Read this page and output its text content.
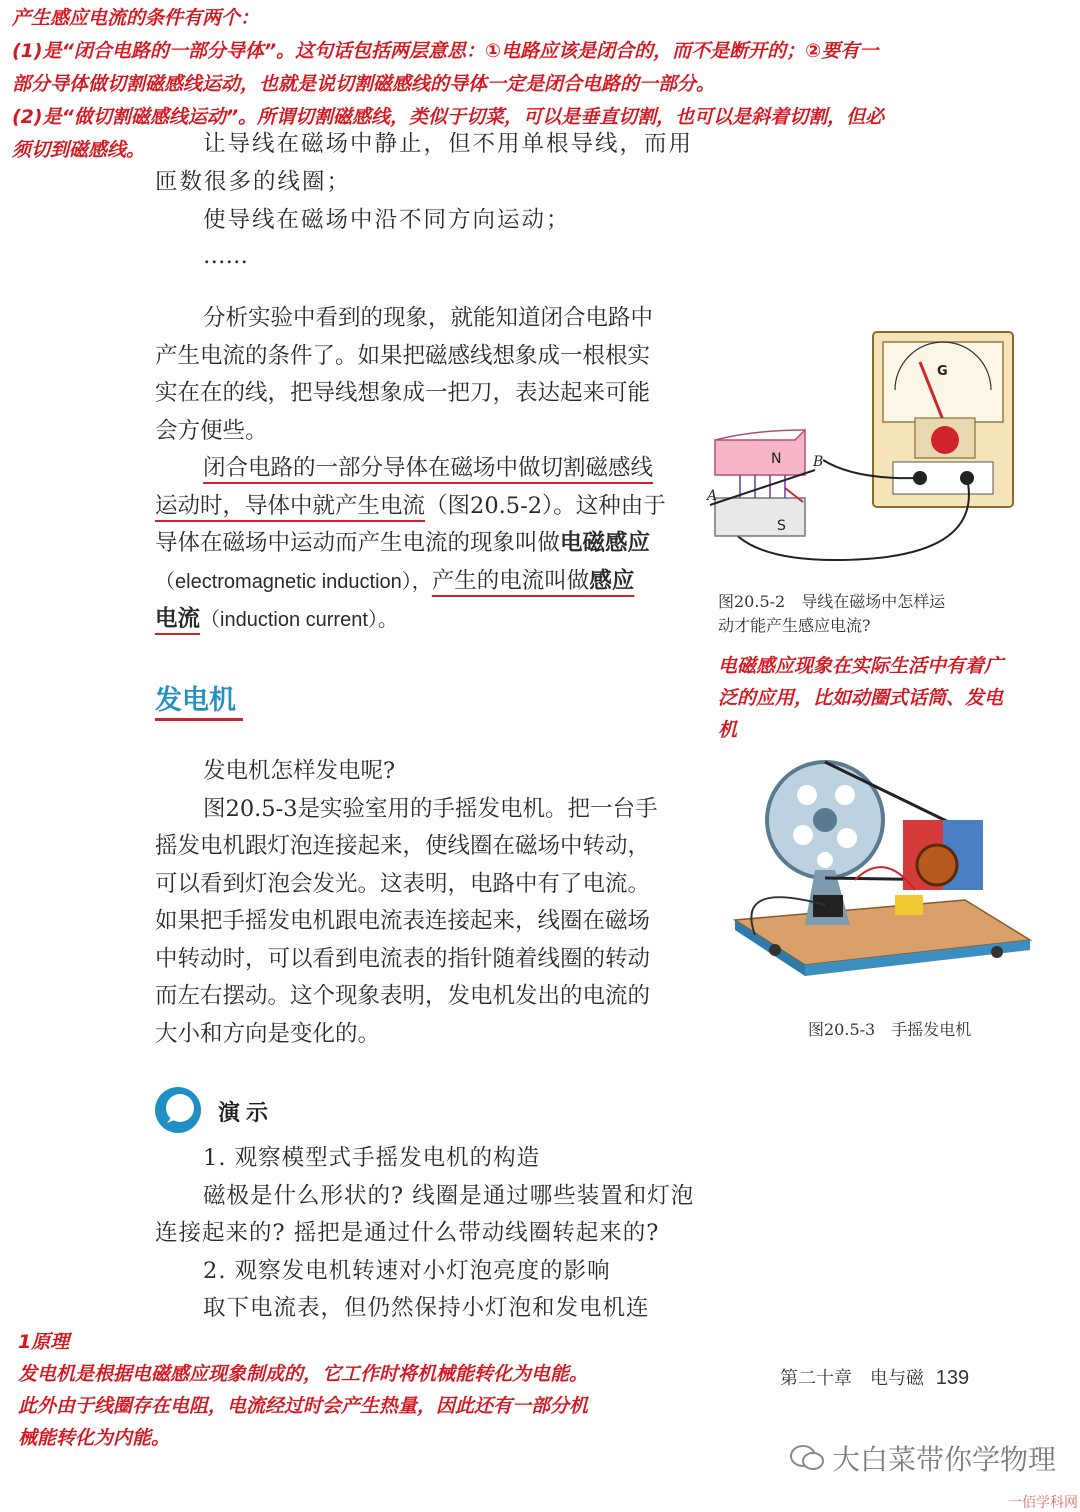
产生感应电流的条件有两个：
(1)是“闭合电路的一部分导体”。这句话包括两层意思：①电路应该是闭合的，而不是断开的；②要有一
部分导体做切割磁感线运动，也就是说切割磁感线的导体一定是闭合电路的一部分。
(2)是“做切割磁感线运动”。所谓切割磁感线，类似于切菜，可以是垂直切割，也可以是斜着切割，但必
须切到磁感线。	让导线在磁场中静止，但不用单根导线，而用
匝数很多的线圈；
使导线在磁场中沿不同方向运动；
……
分析实验中看到的现象，就能知道闭合电路中
产生电流的条件了。如果把磁感线想象成一根根实
实在在的线，把导线想象成一把刀，表达起来可能
会方便些。
闭合电路的一部分导体在磁场中做切割磁感线
运动时，导体中就产生电流（图20.5-2）。这种由于
导体在磁场中运动而产生电流的现象叫做电磁感应
（electromagnetic induction），产生的电流叫做感应
电流（induction current）。
G
N
S
A
B
图20.5-2　导线在磁场中怎样运
动才能产生感应电流?
电磁感应现象在实际生活中有着广
泛的应用，比如动圈式话筒、发电
机
发电机
发电机怎样发电呢?
图20.5-3是实验室用的手摇发电机。把一台手
摇发电机跟灯泡连接起来，使线圈在磁场中转动，
可以看到灯泡会发光。这表明，电路中有了电流。
如果把手摇发电机跟电流表连接起来，线圈在磁场
中转动时，可以看到电流表的指针随着线圈的转动
而左右摆动。这个现象表明，发电机发出的电流的
大小和方向是变化的。	图20.5-3　手摇发电机
演示
1. 观察模型式手摇发电机的构造
磁极是什么形状的? 线圈是通过哪些装置和灯泡
连接起来的? 摇把是通过什么带动线圈转起来的?
2. 观察发电机转速对小灯泡亮度的影响
取下电流表，但仍然保持小灯泡和发电机连
1原理
发电机是根据电磁感应现象制成的，它工作时将机械能转化为电能。
此外由于线圈存在电阻，电流经过时会产生热量，因此还有一部分机
械能转化为内能。
第二十章　电与磁 139
大白菜带你学物理
一佰学科网
